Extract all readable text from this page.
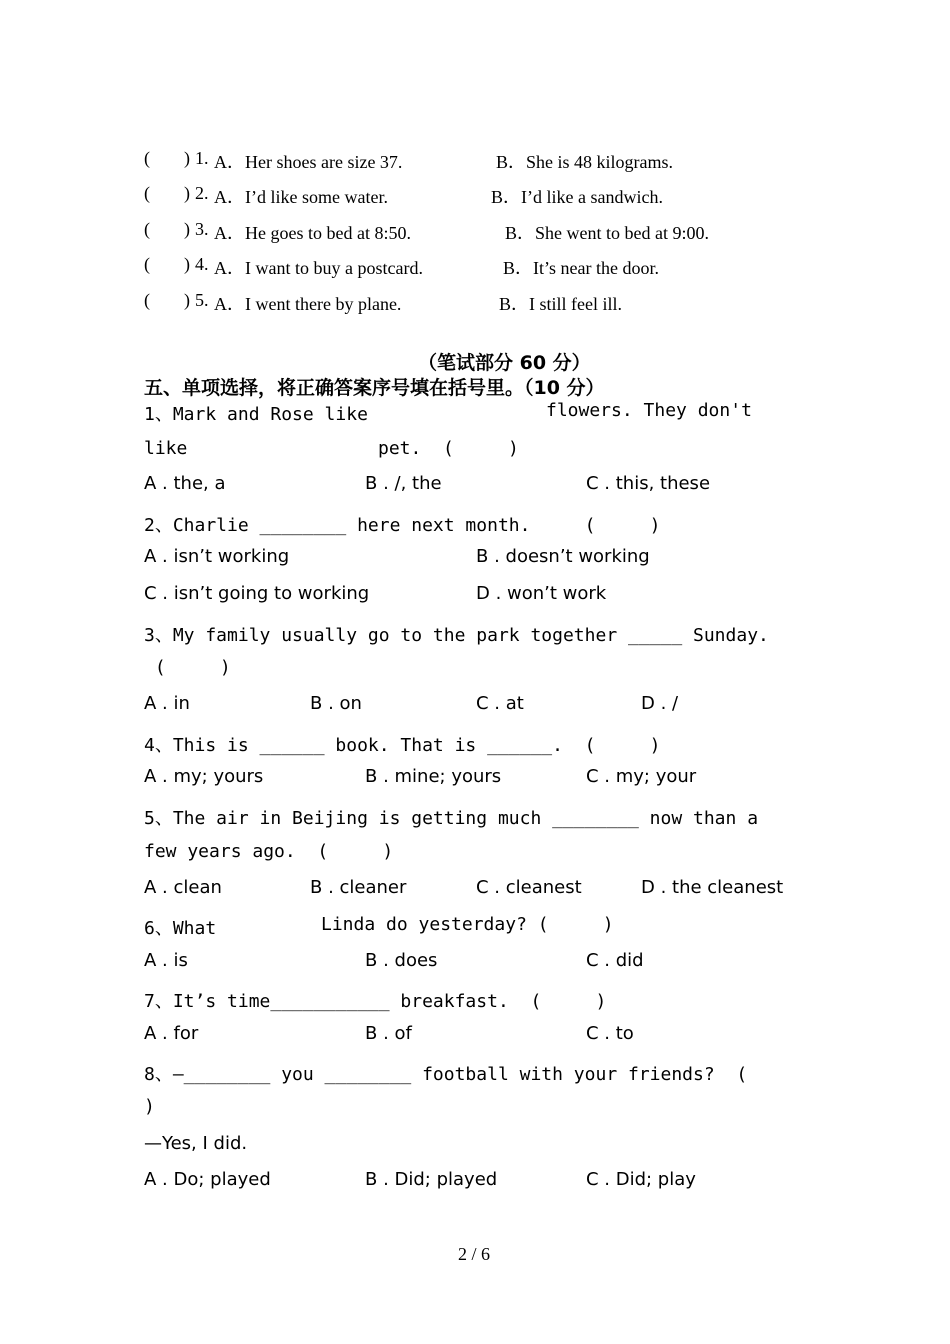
( ) 1. A．Her shoes are size 37.	B．She is 48 kilograms.
( ) 2. A．I’d like some water.	B．I’d like a sandwich.
( ) 3. A．He goes to bed at 8:50.	B．She went to bed at 9:00.
( ) 4. A．I want to buy a postcard.	B．It’s near the door.
( ) 5. A．I went there by plane.	B．I still feel ill.
（笔试部分 60 分）
五、单项选择，将正确答案序号填在括号里。（10 分）
1、Mark and Rose like	flowers. They don't
like	pet.  (     )
A . the, a	B . /, the	C . this, these
2、Charlie ________ here next month.     (     )
A . isn’t working	B . doesn’t working
C . isn’t going to working	D . won’t work
3、My family usually go to the park together _____ Sunday.
(     )
A . in	B . on	C . at	D . /
4、This is ______ book. That is ______.  (     )
A . my; yours	B . mine; yours	C . my; your
5、The air in Beijing is getting much ________ now than a
few years ago.  (     )
A . clean	B . cleaner	C . cleanest	D . the cleanest
6、What	Linda do yesterday? (     )
A . is	B . does	C . did
7、It’s time___________ breakfast.  (     )
A . for	B . of	C . to
8、—________ you ________ football with your friends?  (
)
—Yes, I did.
A . Do; played	B . Did; played	C . Did; play
2 / 6
